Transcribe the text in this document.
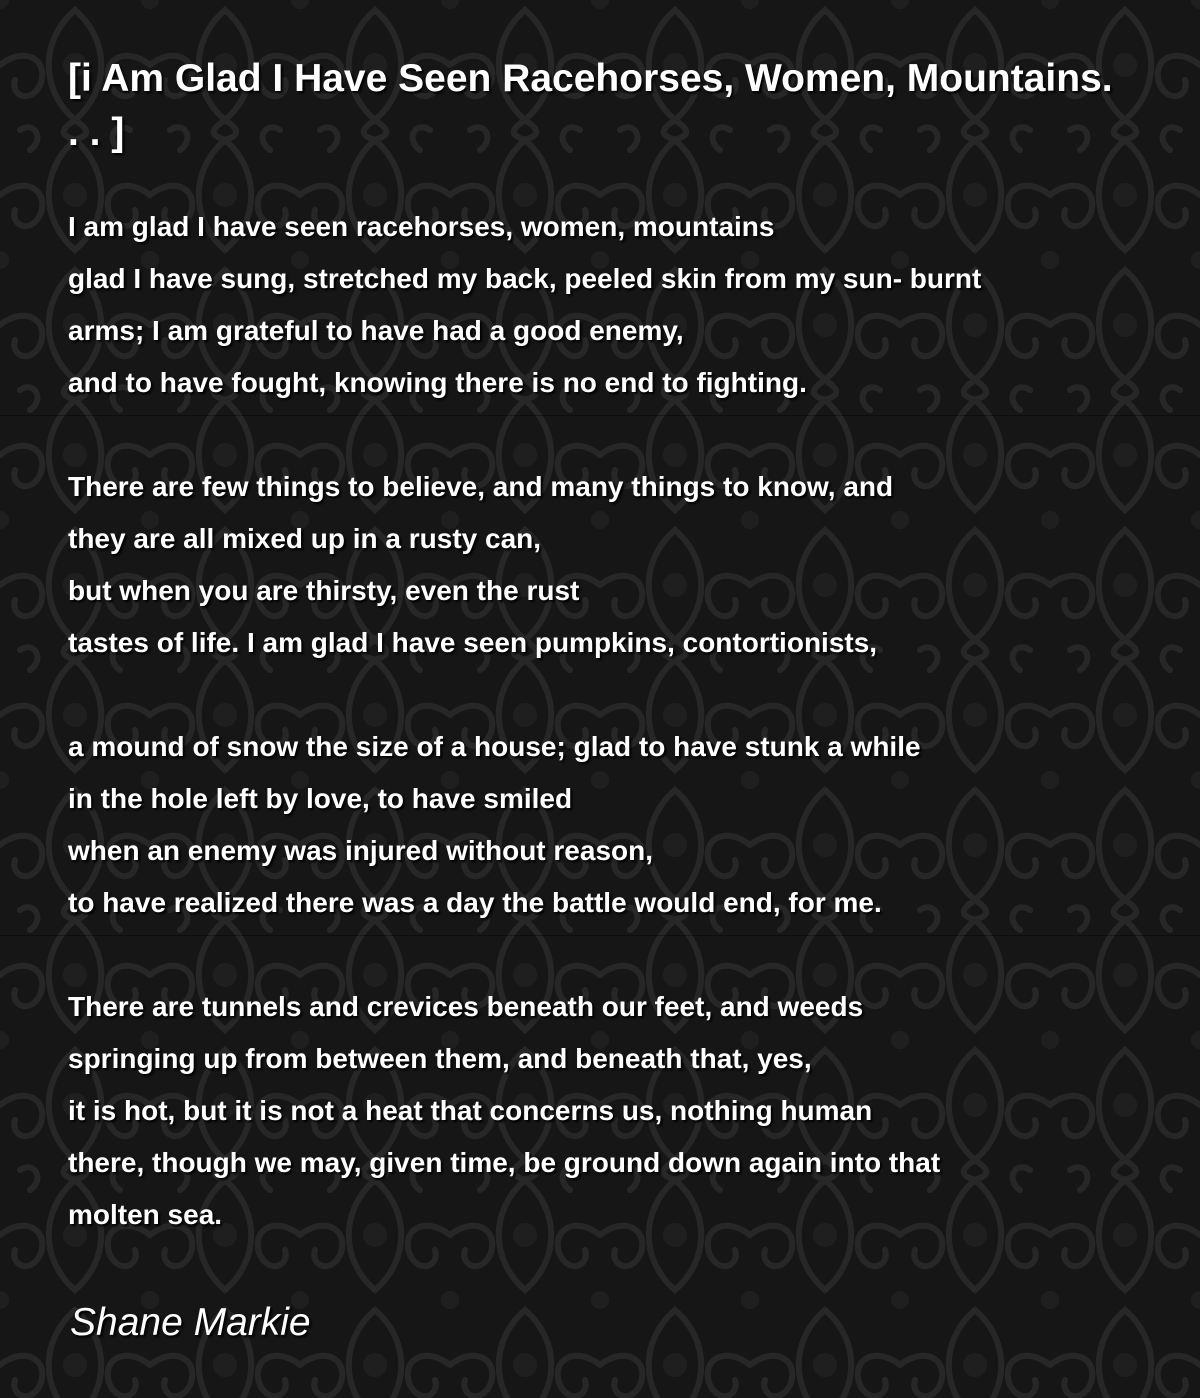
[i Am Glad I Have Seen Racehorses, Women, Mountains. . . ]
I am glad I have seen racehorses, women, mountains
glad I have sung, stretched my back, peeled skin from my sun- burnt
arms; I am grateful to have had a good enemy,
and to have fought, knowing there is no end to fighting.
There are few things to believe, and many things to know, and
they are all mixed up in a rusty can,
but when you are thirsty, even the rust
tastes of life. I am glad I have seen pumpkins, contortionists,
a mound of snow the size of a house; glad to have stunk a while
in the hole left by love, to have smiled
when an enemy was injured without reason,
to have realized there was a day the battle would end, for me.
There are tunnels and crevices beneath our feet, and weeds
springing up from between them, and beneath that, yes,
it is hot, but it is not a heat that concerns us, nothing human
there, though we may, given time, be ground down again into that
molten sea.
Shane Markie
